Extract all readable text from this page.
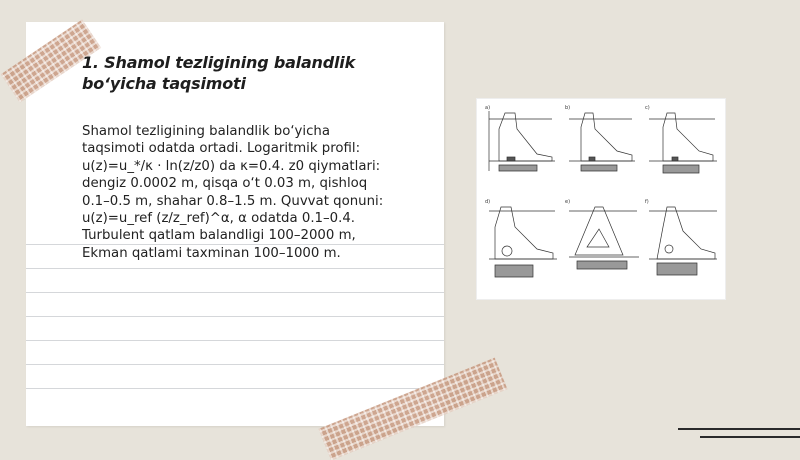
1. Shamol tezligining balandlik
bo‘yicha taqsimoti

Shamol tezligining balandlik bo‘yicha
taqsimoti odatda ortadi. Logaritmik profil:
u(z)=u_*/κ · ln(z/z0) da κ=0.4. z0 qiymatlari:
dengiz 0.0002 m, qisqa o‘t 0.03 m, qishloq
0.1–0.5 m, shahar 0.8–1.5 m. Quvvat qonuni:
u(z)=u_ref (z/z_ref)^α, α odatda 0.1–0.4.
Turbulent qatlam balandligi 100–2000 m,
Ekman qatlami taxminan 100–1000 m.

a)	b)	c)
d)	e)	f)
